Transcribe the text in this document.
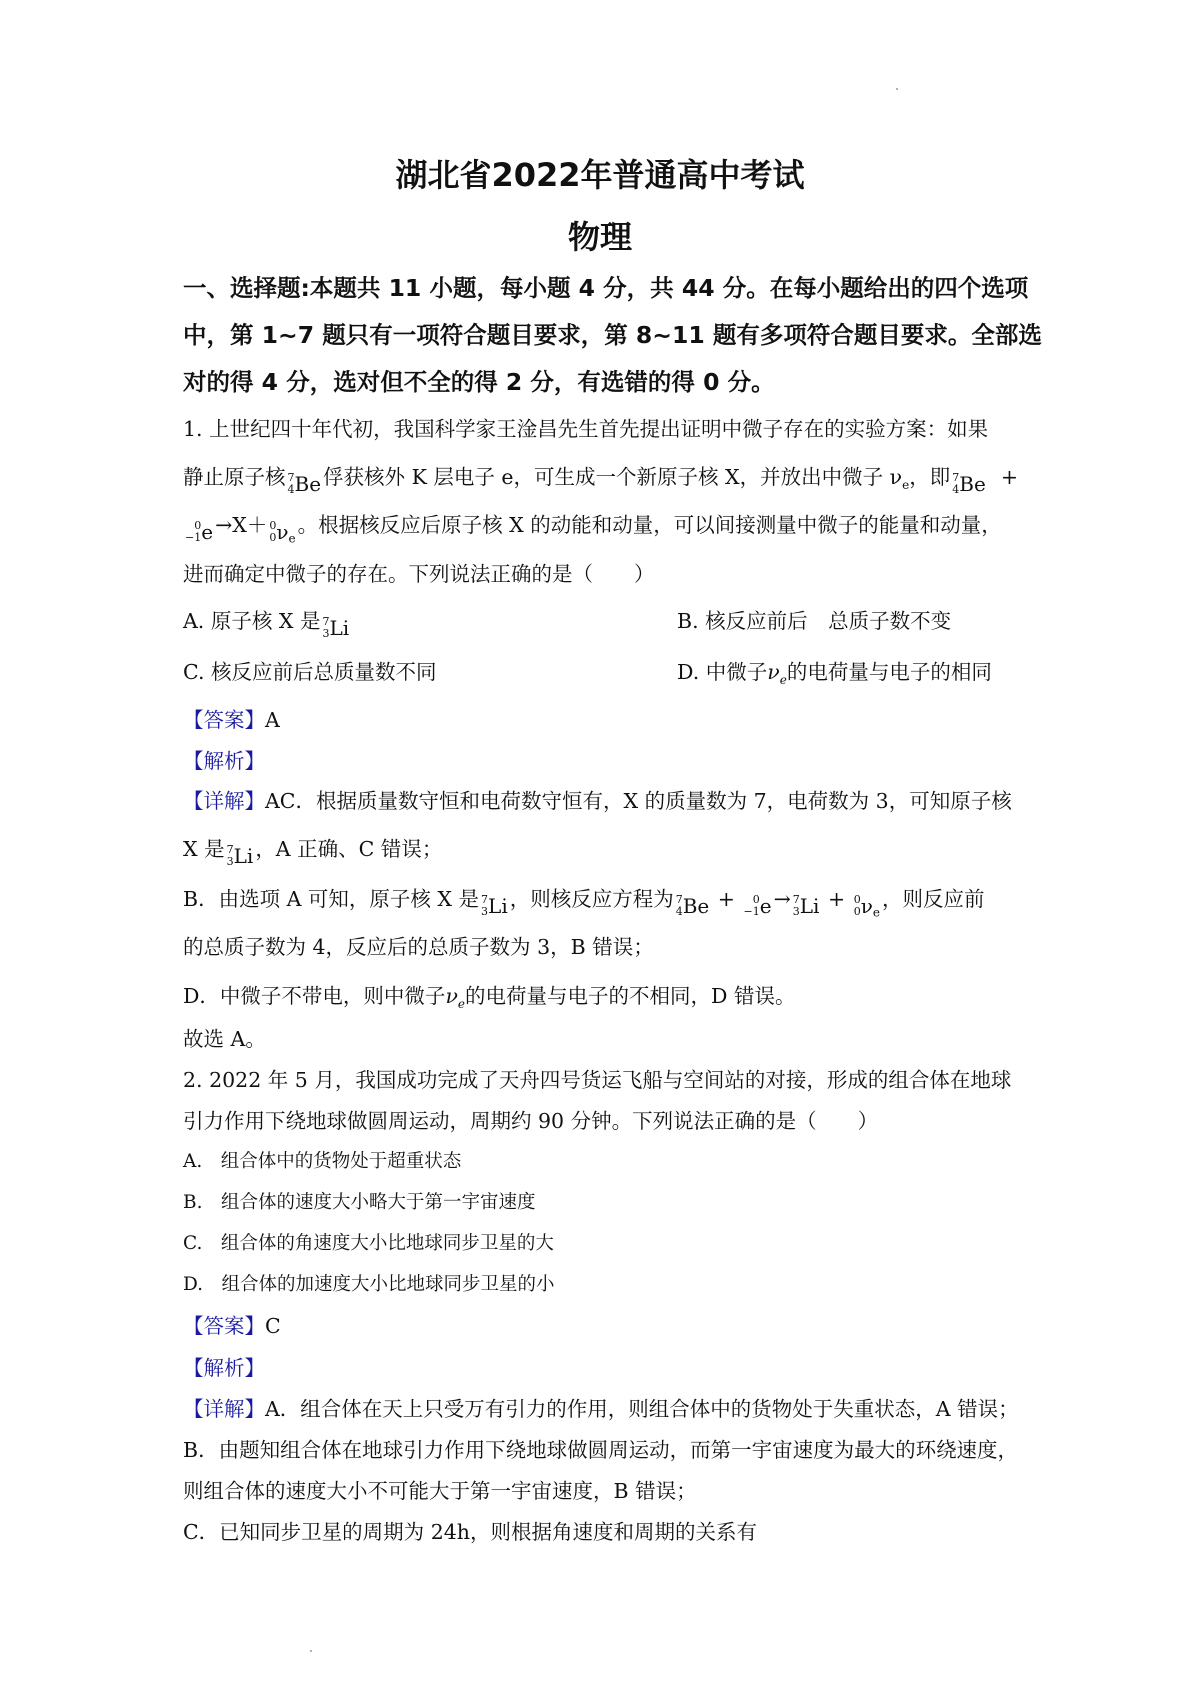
湖北省2022年普通高中考试
物理
一、选择题:本题共 11 小题，每小题 4 分，共 44 分。在每小题给出的四个选项
中，第 1~7 题只有一项符合题目要求，第 8~11 题有多项符合题目要求。全部选
对的得 4 分，选对但不全的得 2 分，有选错的得 0 分。
1. 上世纪四十年代初，我国科学家王淦昌先生首先提出证明中微子存在的实验方案：如果
静止原子核 7
4 Be俘获核外 K 层电子 e，可生成一个新原子核 X，并放出中微子 $\nu_e$，即 7
4 Be +
0
−1 e→X＋ 0
0 $\nu_e$。根据核反应后原子核 X 的动能和动量，可以间接测量中微子的能量和动量，
进而确定中微子的存在。下列说法正确的是（　　）
A. 原子核 X 是 7
3 Li	B. 核反应前后　总质子数不变
C. 核反应前后总质量数不同	D. 中微子$\nu_e$的电荷量与电子的相同
【答案】A
【解析】
【详解】AC．根据质量数守恒和电荷数守恒有，X 的质量数为 7，电荷数为 3，可知原子核
X 是 7
3 Li，A 正确、C 错误；
B．由选项 A 可知，原子核 X 是 7
3 Li，则核反应方程为 7
4 Be + 0
−1 e→ 7
3 Li + 0
0 $\nu_e$，则反应前
的总质子数为 4，反应后的总质子数为 3，B 错误；
D．中微子不带电，则中微子$\nu_e$的电荷量与电子的不相同，D 错误。
故选 A。
2. 2022 年 5 月，我国成功完成了天舟四号货运飞船与空间站的对接，形成的组合体在地球
引力作用下绕地球做圆周运动，周期约 90 分钟。下列说法正确的是（　　）
A.　组合体中的货物处于超重状态
B.　组合体的速度大小略大于第一宇宙速度
C.　组合体的角速度大小比地球同步卫星的大
D.　组合体的加速度大小比地球同步卫星的小
【答案】C
【解析】
【详解】A．组合体在天上只受万有引力的作用，则组合体中的货物处于失重状态，A 错误；
B．由题知组合体在地球引力作用下绕地球做圆周运动，而第一宇宙速度为最大的环绕速度，
则组合体的速度大小不可能大于第一宇宙速度，B 错误；
C．已知同步卫星的周期为 24h，则根据角速度和周期的关系有
